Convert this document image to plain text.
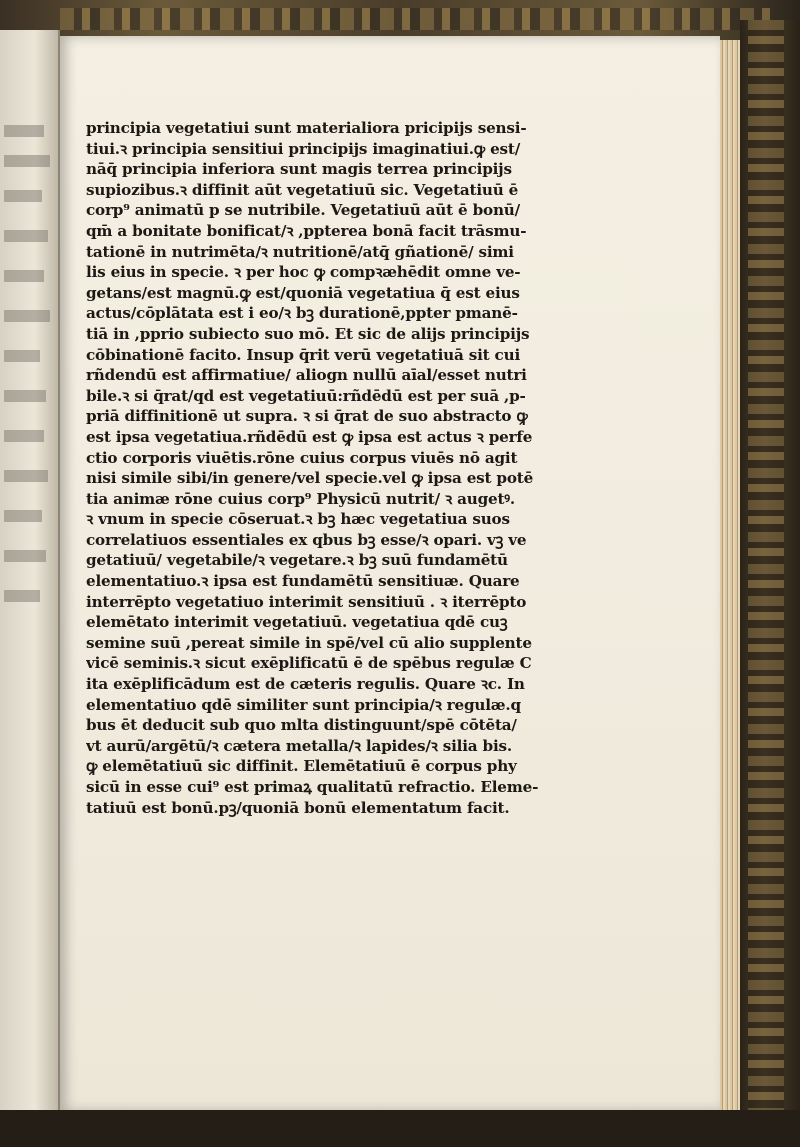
principia vegetatiui sunt materialiora pricipijs sensi-
tiui.ꝛ principia sensitiui principijs imaginatiui.ꝙ est/
nāq̄ principia inferiora sunt magis terrea principijs
supiozibus.ꝛ diffinit aūt vegetatiuū sic. Vegetatiuū ē
corp⁹ animatū p se nutribile. Vegetatiuū aūt ē bonū/
qm̄ a bonitate bonificat/ꝛ ,ppterea bonā facit trāsmu-
tationē in nutrimēta/ꝛ nutritionē/atq̄ gñationē/ simi
lis eius in specie. ꝛ per hoc ꝙ compꝛæhēdit omne ve-
getans/est magnū.ꝙ est/quoniā vegetatiua q̄ est eius
actus/cōplātata est i eo/ꝛ bꝫ durationē,ppter pmanē-
tiā in ,pprio subiecto suo mō. Et sic de alijs principijs
cōbinationē facito. Insup q̄rit verū vegetatiuā sit cui
rñdendū est affirmatiue/ aliogn nullū aīal/esset nutri
bile.ꝛ si q̄rat/qd est vegetatiuū:rñdēdū est per suā ,p-
priā diffinitionē ut supra. ꝛ si q̄rat de suo abstracto ꝙ
est ipsa vegetatiua.rñdēdū est ꝙ ipsa est actus ꝛ perfe
ctio corporis viuētis.rōne cuius corpus viuēs nō agit
nisi simile sibi/in genere/vel specie.vel ꝙ ipsa est potē
tia animæ rōne cuius corp⁹ Physicū nutrit/ ꝛ augetꝰ.
ꝛ vnum in specie cōseruat.ꝛ bꝫ hæc vegetatiua suos
correlatiuos essentiales ex qbus bꝫ esse/ꝛ opari. vꝫ ve
getatiuū/ vegetabile/ꝛ vegetare.ꝛ bꝫ suū fundamētū
elementatiuo.ꝛ ipsa est fundamētū sensitiuæ. Quare
interrēpto vegetatiuo interimit sensitiuū . ꝛ iterrēpto
elemētato interimit vegetatiuū. vegetatiua qdē cuꝫ
semine suū ,pereat simile in spē/vel cū alio supplente
vicē seminis.ꝛ sicut exēplificatū ē de spēbus regulæ C
ita exēplificādum est de cæteris regulis. Quare ꝛc. In
elementatiuo qdē similiter sunt principia/ꝛ regulæ.q
bus ēt deducit sub quo mlta distinguunt/spē cōtēta/
vt aurū/argētū/ꝛ cætera metalla/ꝛ lapides/ꝛ silia bis.
ꝙ elemētatiuū sic diffinit. Elemētatiuū ē corpus phy
sicū in esse cui⁹ est primaꝝ qualitatū refractio. Eleme-
tatiuū est bonū.pꝫ/quoniā bonū elementatum facit.
